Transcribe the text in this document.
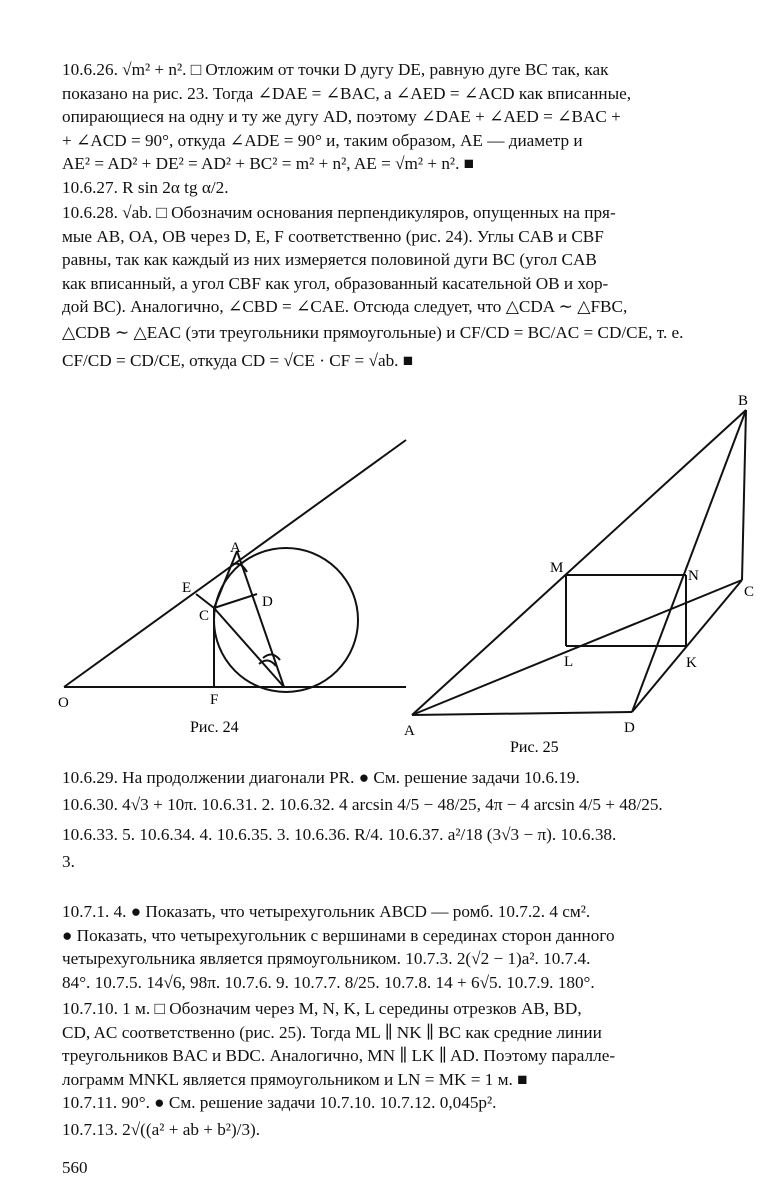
10.6.26. √m² + n². □ Отложим от точки D дугу DE, равную дуге BC так, как

показано на рис. 23. Тогда ∠DAE = ∠BAC, а ∠AED = ∠ACD как вписанные,

опирающиеся на одну и ту же дугу AD, поэтому ∠DAE + ∠AED = ∠BAC +

+ ∠ACD = 90°, откуда ∠ADE = 90° и, таким образом, AE — диаметр и

AE² = AD² + DE² = AD² + BC² = m² + n², AE = √m² + n². ■

10.6.27. R sin 2α tg α/2.

10.6.28. √ab. □ Обозначим основания перпендикуляров, опущенных на пря-

мые AB, OA, OB через D, E, F соответственно (рис. 24). Углы CAB и CBF

равны, так как каждый из них измеряется половиной дуги BC (угол CAB

как вписанный, а угол CBF как угол, образованный касательной OB и хор-

дой BC). Аналогично, ∠CBD = ∠CAE. Отсюда следует, что △CDA ∼ △FBC,

△CDB ∼ △EAC (эти треугольники прямоугольные) и CF/CD = BC/AC = CD/CE, т. е.

CF/CD = CD/CE, откуда CD = √CE · CF = √ab. ■

A
E
C
D
O	F
Рис. 24
B
M	N
C
L	K
A	D
Рис. 25

10.6.29. На продолжении диагонали PR. ● См. решение задачи 10.6.19.

10.6.30. 4√3 + 10π. 10.6.31. 2. 10.6.32. 4 arcsin 4/5 − 48/25, 4π − 4 arcsin 4/5 + 48/25.

10.6.33. 5. 10.6.34. 4. 10.6.35. 3. 10.6.36. R/4. 10.6.37. a²/18 (3√3 − π). 10.6.38.

3.

10.7.1. 4. ● Показать, что четырехугольник ABCD — ромб. 10.7.2. 4 см².

● Показать, что четырехугольник с вершинами в серединах сторон данного

четырехугольника является прямоугольником. 10.7.3. 2(√2 − 1)a². 10.7.4.

84°. 10.7.5. 14√6, 98π. 10.7.6. 9. 10.7.7. 8/25. 10.7.8. 14 + 6√5. 10.7.9. 180°.

10.7.10. 1 м. □ Обозначим через M, N, K, L середины отрезков AB, BD,

CD, AC соответственно (рис. 25). Тогда ML ∥ NK ∥ BC как средние линии

треугольников BAC и BDC. Аналогично, MN ∥ LK ∥ AD. Поэтому паралле-

лограмм MNKL является прямоугольником и LN = MK = 1 м. ■

10.7.11. 90°. ● См. решение задачи 10.7.10. 10.7.12. 0,045p².

10.7.13. 2√((a² + ab + b²)/3).

560
